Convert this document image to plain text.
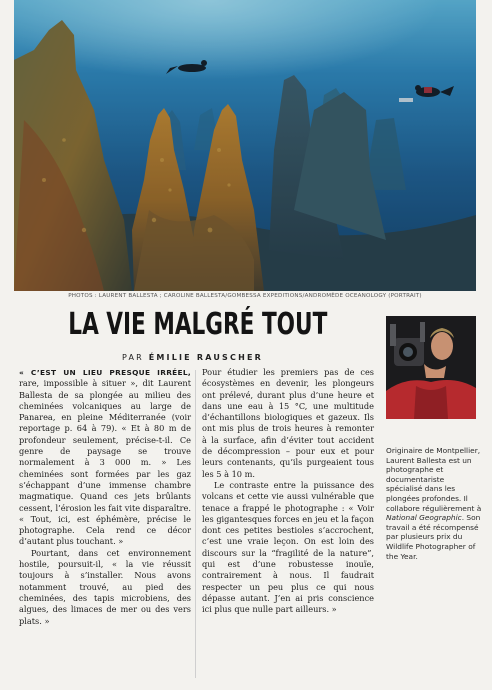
PHOTOS : LAURENT BALLESTA ; CAROLINE BALLESTA/GOMBESSA EXPEDITIONS/ANDROMÈDE OCEANOLOGY (PORTRAIT)
LA VIE MALGRÉ TOUT
PAR ÉMILIE RAUSCHER

« C’EST UN LIEU PRESQUE IRRÉEL, rare, impossible à situer », dit Laurent Ballesta de sa plongée au milieu des cheminées volcaniques au large de Panarea, en pleine Méditerranée (voir reportage p. 64 à 79). « Et à 80 m de profondeur seulement, précise-t-il. Ce genre de paysage se trouve normalement à 3 000 m. » Les cheminées sont formées par les gaz s’échappant d’une immense chambre magmatique. Quand ces jets brûlants cessent, l’érosion les fait vite disparaître. « Tout, ici, est éphémère, précise le photographe. Cela rend ce décor d’autant plus touchant. »

Pourtant, dans cet environnement hostile, poursuit-il, « la vie réussit toujours à s’installer. Nous avons notamment trouvé, au pied des cheminées, des tapis microbiens, des algues, des limaces de mer ou des vers plats. »

Pour étudier les premiers pas de ces écosystèmes en devenir, les plongeurs ont prélevé, durant plus d’une heure et dans une eau à 15 °C, une multitude d’échantillons biologiques et gazeux. Ils ont mis plus de trois heures à remonter à la surface, afin d’éviter tout accident de décompression – pour eux et pour leurs contenants, qu’ils purgeaient tous les 5 à 10 m.

Le contraste entre la puissance des volcans et cette vie aussi vulnérable que tenace a frappé le photographe : « Voir les gigantesques forces en jeu et la façon dont ces petites bestioles s’accrochent, c’est une vraie leçon. On est loin des discours sur la “fragilité de la nature”, qui est d’une robustesse inouïe, contrairement à nous. Il faudrait respecter un peu plus ce qui nous dépasse autant. J’en ai pris conscience ici plus que nulle part ailleurs. »

Originaire de Montpellier, Laurent Ballesta est un photographe et documentariste spécialisé dans les plongées profondes. Il collabore régulièrement à National Geographic. Son travail a été récompensé par plusieurs prix du Wildlife Photographer of the Year.
